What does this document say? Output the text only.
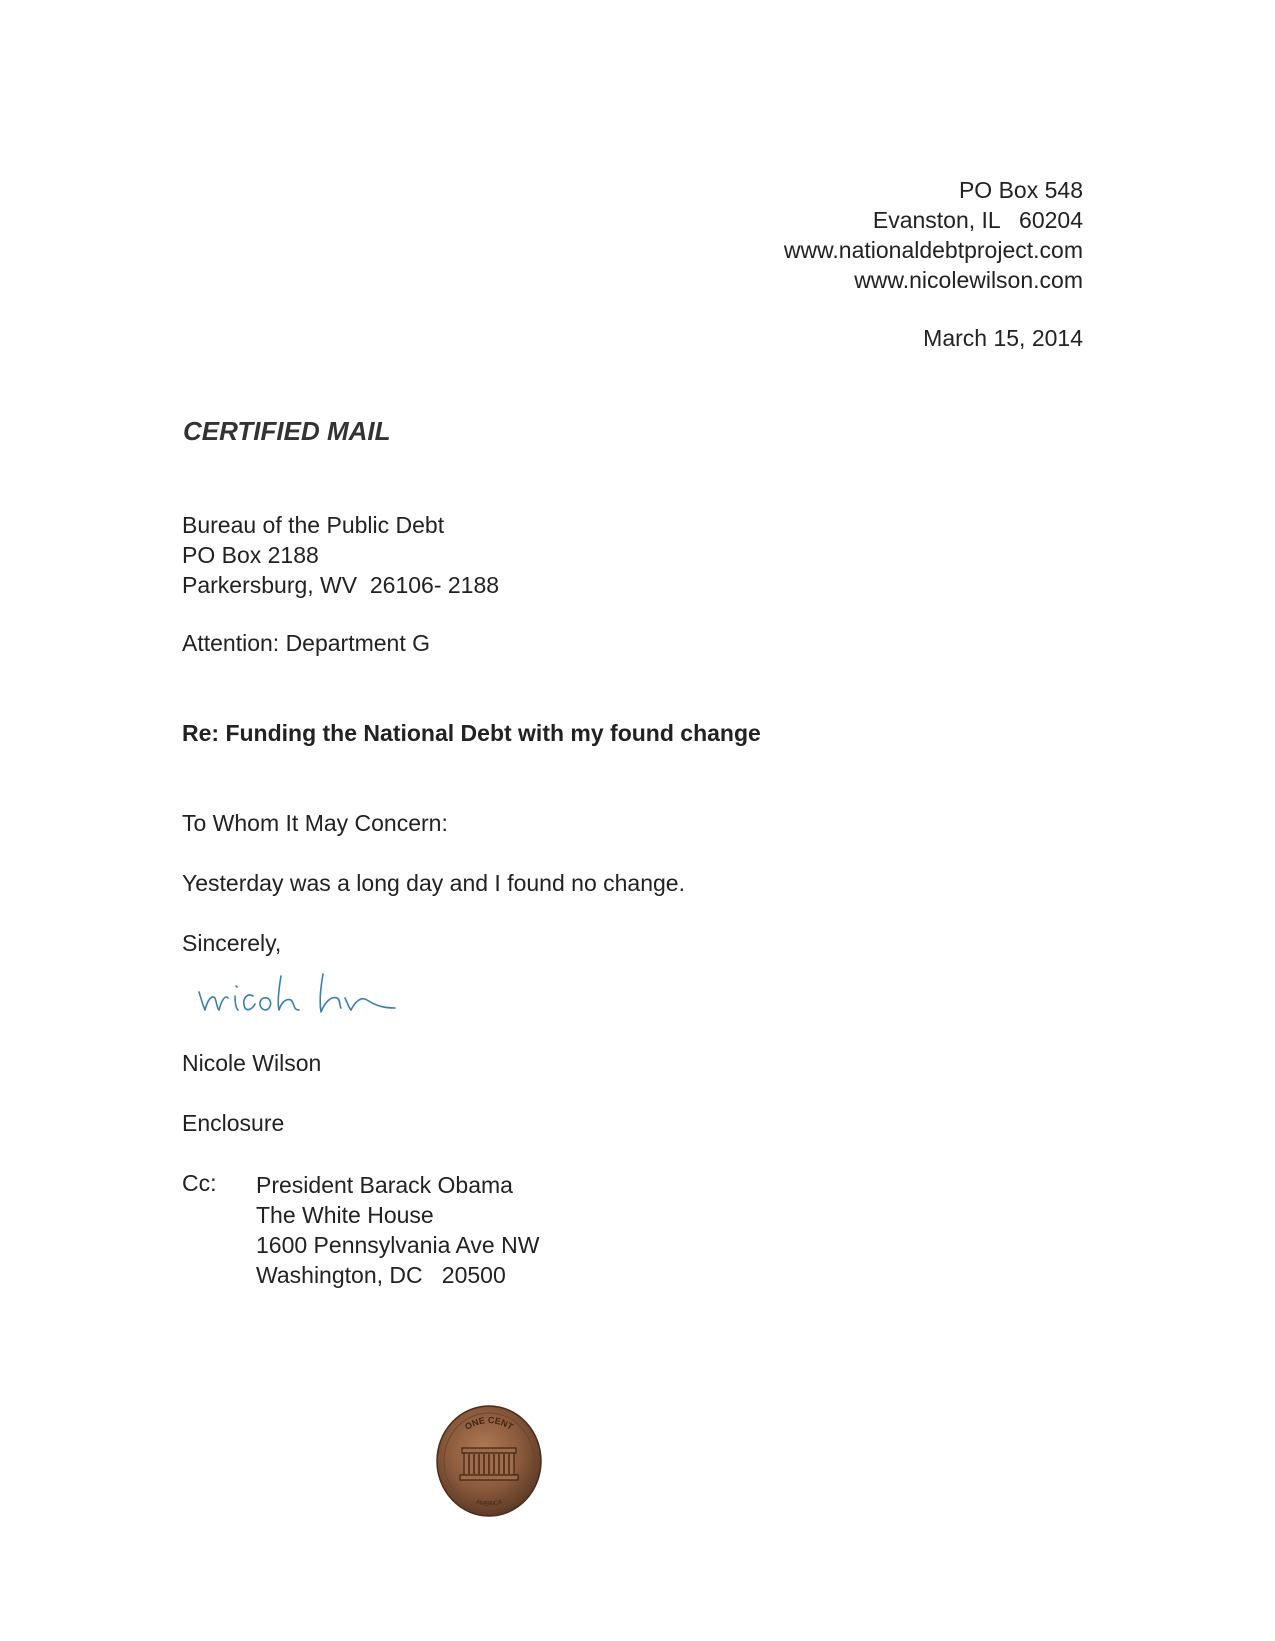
PO Box 548
Evanston, IL   60204
www.nationaldebtproject.com
www.nicolewilson.com
March 15, 2014
CERTIFIED MAIL
Bureau of the Public Debt
PO Box 2188
Parkersburg, WV  26106- 2188
Attention: Department G
Re: Funding the National Debt with my found change
To Whom It May Concern:
Yesterday was a long day and I found no change.
Sincerely,
Nicole Wilson
Enclosure
Cc: President Barack Obama
The White House
1600 Pennsylvania Ave NW
Washington, DC   20500
ONE CENT
AMERICA
